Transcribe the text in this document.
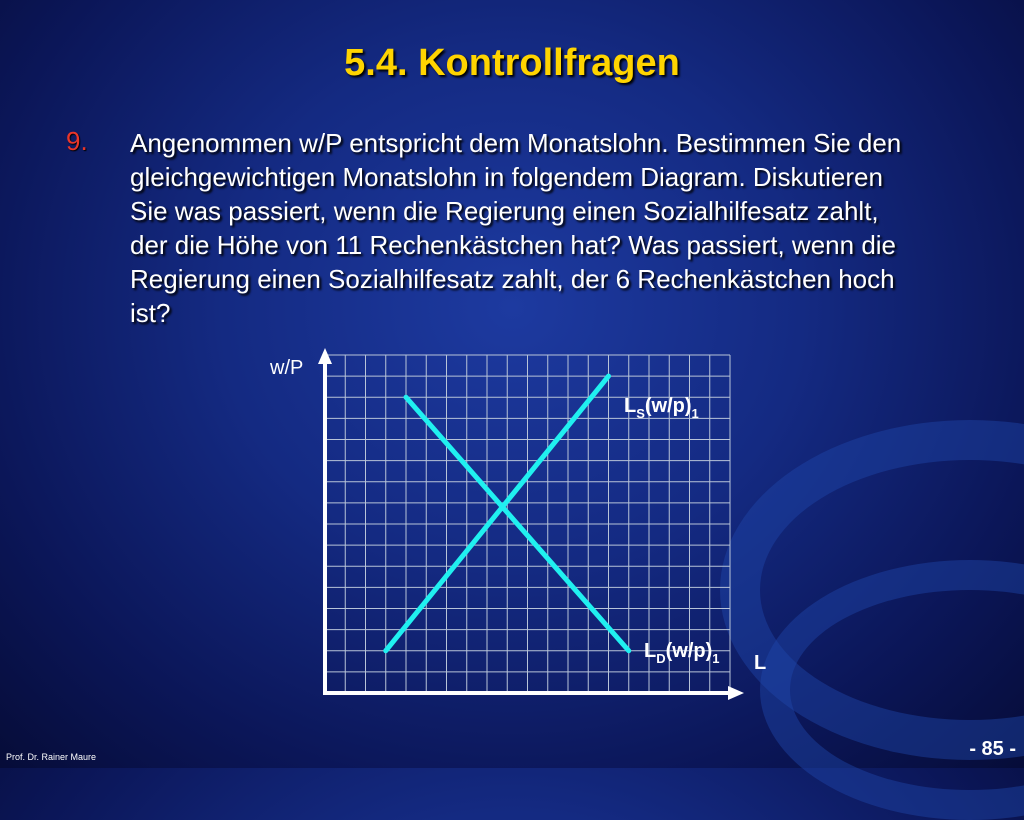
5.4. Kontrollfragen
9. Angenommen w/P entspricht dem Monatslohn. Bestimmen Sie den
gleichgewichtigen Monatslohn in folgendem Diagram. Diskutieren
Sie was passiert, wenn die Regierung einen Sozialhilfesatz zahlt,
der die Höhe von 11 Rechenkästchen hat? Was passiert, wenn die
Regierung einen Sozialhilfesatz zahlt, der 6 Rechenkästchen hoch
ist?
w/P
L
$L_S(w/p)_1$
$L_D(w/p)_1$
Prof. Dr. Rainer Maure	- 85 -
